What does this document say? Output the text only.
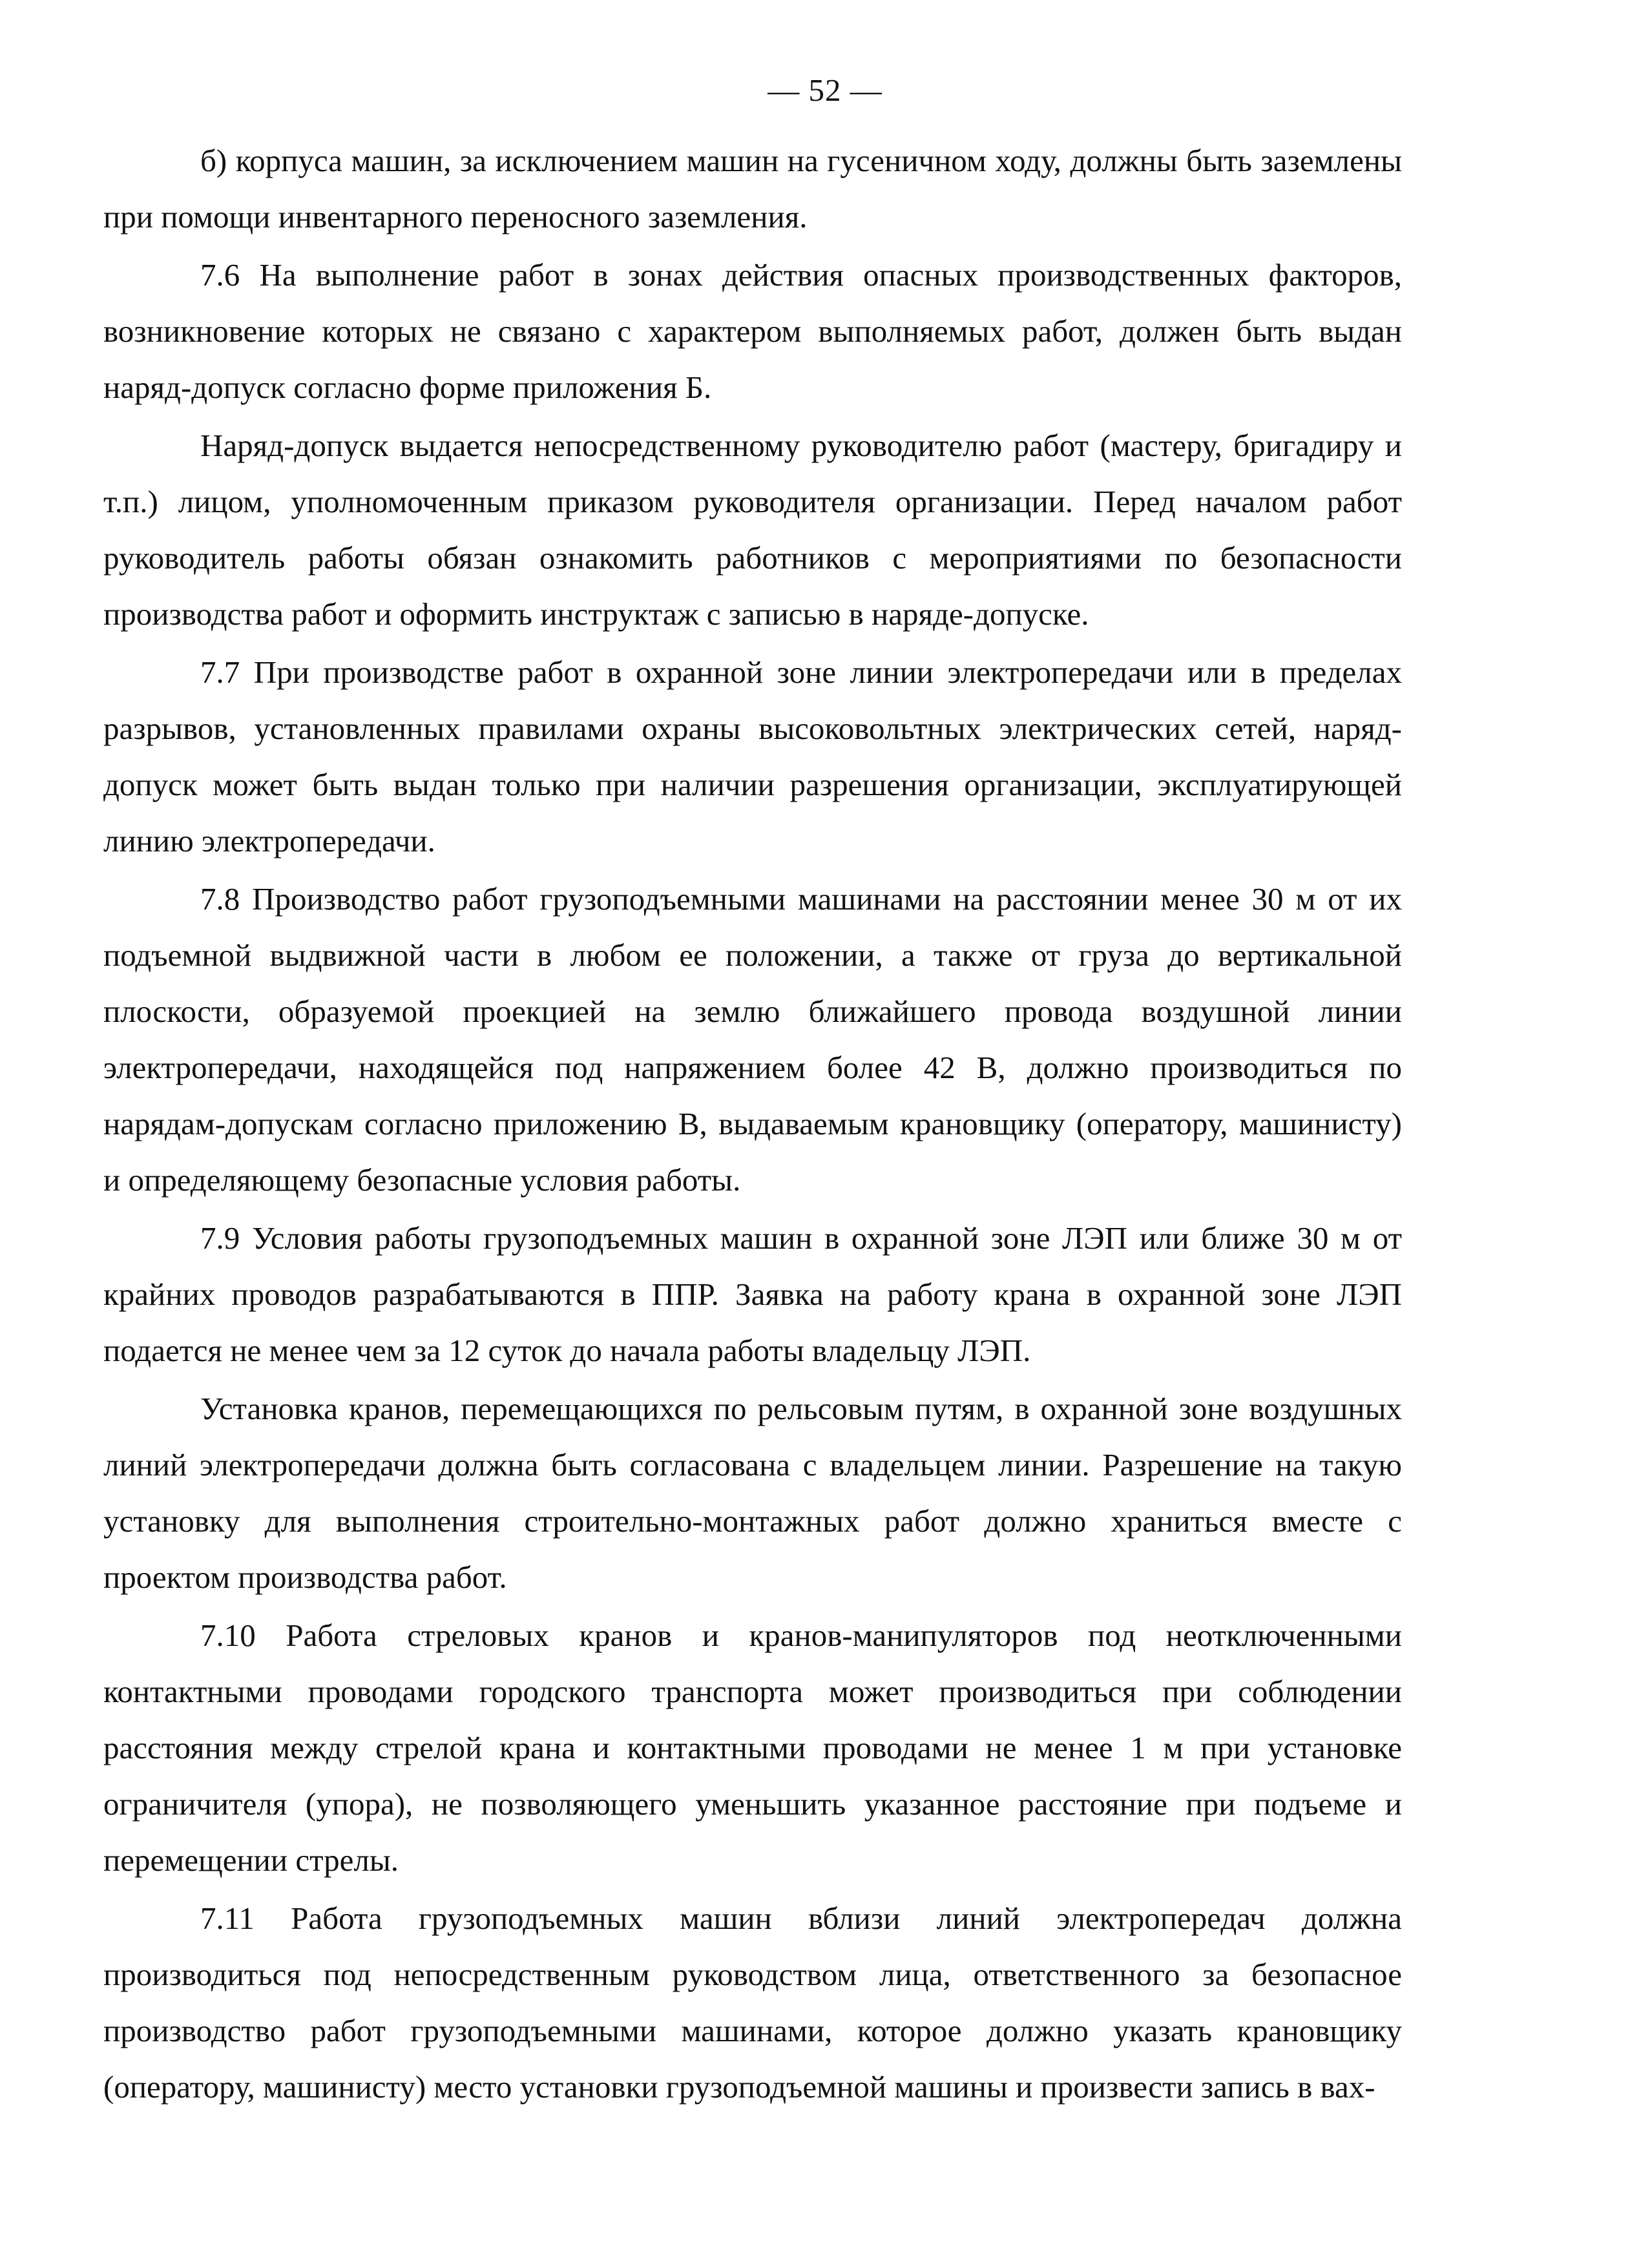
— 52 —

б) корпуса машин, за исключением машин на гусеничном ходу, должны быть заземлены при помощи инвентарного переносного заземления.

7.6 На выполнение работ в зонах действия опасных производственных факторов, возникновение которых не связано с характером выполняемых работ, должен быть выдан наряд-допуск согласно форме приложения Б.

Наряд-допуск выдается непосредственному руководителю работ (мастеру, бригадиру и т.п.) лицом, уполномоченным приказом руководителя организации. Перед началом работ руководитель работы обязан ознакомить работников с мероприятиями по безопасности производства работ и оформить инструктаж с записью в наряде-допуске.

7.7 При производстве работ в охранной зоне линии электропередачи или в пределах разрывов, установленных правилами охраны высоковольтных электрических сетей, наряд-допуск может быть выдан только при наличии разрешения организации, эксплуатирующей линию электропередачи.

7.8 Производство работ грузоподъемными машинами на расстоянии менее 30 м от их подъемной выдвижной части в любом ее положении, а также от груза до вертикальной плоскости, образуемой проекцией на землю ближайшего провода воздушной линии электропередачи, находящейся под напряжением более 42 В, должно производиться по нарядам-допускам согласно приложению В, выдаваемым крановщику (оператору, машинисту) и определяющему безопасные условия работы.

7.9 Условия работы грузоподъемных машин в охранной зоне ЛЭП или ближе 30 м от крайних проводов разрабатываются в ППР. Заявка на работу крана в охранной зоне ЛЭП подается не менее чем за 12 суток до начала работы владельцу ЛЭП.

Установка кранов, перемещающихся по рельсовым путям, в охранной зоне воздушных линий электропередачи должна быть согласована с владельцем линии. Разрешение на такую установку для выполнения строительно-монтажных работ должно храниться вместе с проектом производства работ.

7.10 Работа стреловых кранов и кранов-манипуляторов под неотключенными контактными проводами городского транспорта может производиться при соблюдении расстояния между стрелой крана и контактными проводами не менее 1 м при установке ограничителя (упора), не позволяющего уменьшить указанное расстояние при подъеме и перемещении стрелы.

7.11 Работа грузоподъемных машин вблизи линий электропередач должна производиться под непосредственным руководством лица, ответственного за безопасное производство работ грузоподъемными машинами, которое должно указать крановщику (оператору, машинисту) место установки грузоподъемной машины и произвести запись в вах-
